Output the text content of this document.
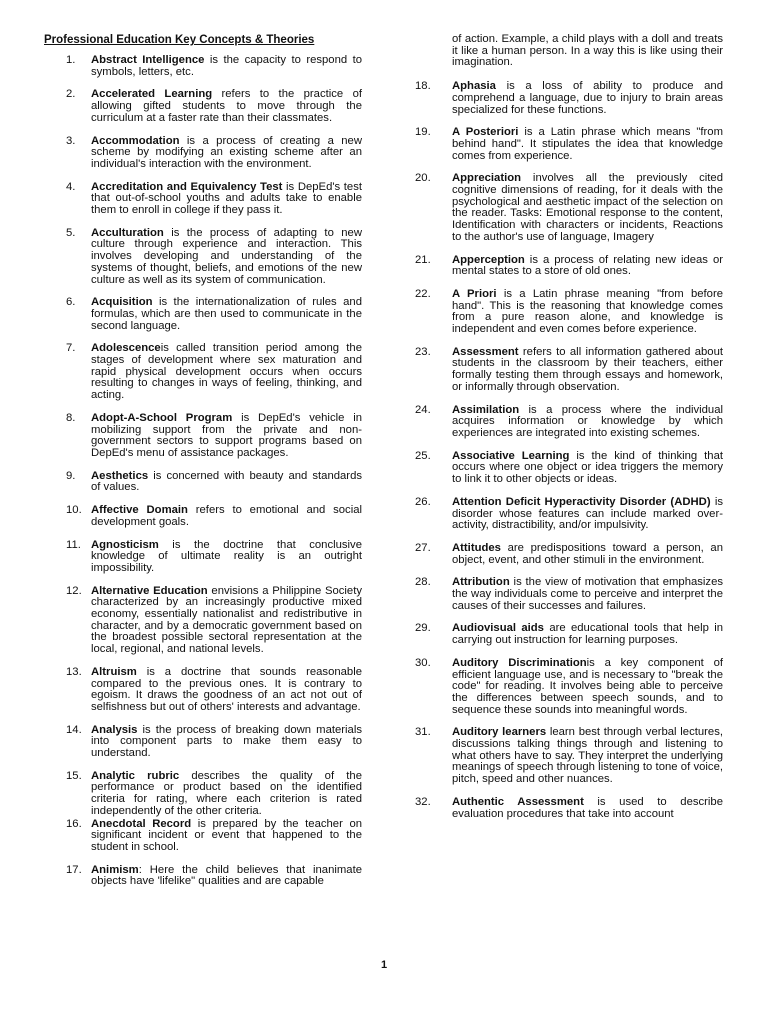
Professional Education Key Concepts & Theories
1. Abstract Intelligence is the capacity to respond to symbols, letters, etc.
2. Accelerated Learning refers to the practice of allowing gifted students to move through the curriculum at a faster rate than their classmates.
3. Accommodation is a process of creating a new scheme by modifying an existing scheme after an individual's interaction with the environment.
4. Accreditation and Equivalency Test is DepEd's test that out-of-school youths and adults take to enable them to enroll in college if they pass it.
5. Acculturation is the process of adapting to new culture through experience and interaction. This involves developing and understanding of the systems of thought, beliefs, and emotions of the new culture as well as its system of communication.
6. Acquisition is the internationalization of rules and formulas, which are then used to communicate in the second language.
7. Adolescenceis called transition period among the stages of development where sex maturation and rapid physical development occurs when occurs resulting to changes in ways of feeling, thinking, and acting.
8. Adopt-A-School Program is DepEd's vehicle in mobilizing support from the private and non-government sectors to support programs based on DepEd's menu of assistance packages.
9. Aesthetics is concerned with beauty and standards of values.
10. Affective Domain refers to emotional and social development goals.
11. Agnosticism is the doctrine that conclusive knowledge of ultimate reality is an outright impossibility.
12. Alternative Education envisions a Philippine Society characterized by an increasingly productive mixed economy, essentially nationalist and redistributive in character, and by a democratic government based on the broadest possible sectoral representation at the local, regional, and national levels.
13. Altruism is a doctrine that sounds reasonable compared to the previous ones. It is contrary to egoism. It draws the goodness of an act not out of selfishness but out of others' interests and advantage.
14. Analysis is the process of breaking down materials into component parts to make them easy to understand.
15. Analytic rubric describes the quality of the performance or product based on the identified criteria for rating, where each criterion is rated independently of the other criteria.
16. Anecdotal Record is prepared by the teacher on significant incident or event that happened to the student in school.
17. Animism: Here the child believes that inanimate objects have 'lifelike" qualities and are capable
of action. Example, a child plays with a doll and treats it like a human person. In a way this is like using their imagination.
18. Aphasia is a loss of ability to produce and comprehend a language, due to injury to brain areas specialized for these functions.
19. A Posteriori is a Latin phrase which means "from behind hand". It stipulates the idea that knowledge comes from experience.
20. Appreciation involves all the previously cited cognitive dimensions of reading, for it deals with the psychological and aesthetic impact of the selection on the reader. Tasks: Emotional response to the content, Identification with characters or incidents, Reactions to the author's use of language, Imagery
21. Apperception is a process of relating new ideas or mental states to a store of old ones.
22. A Priori is a Latin phrase meaning "from before hand". This is the reasoning that knowledge comes from a pure reason alone, and knowledge is independent and even comes before experience.
23. Assessment refers to all information gathered about students in the classroom by their teachers, either formally testing them through essays and homework, or informally through observation.
24. Assimilation is a process where the individual acquires information or knowledge by which experiences are integrated into existing schemes.
25. Associative Learning is the kind of thinking that occurs where one object or idea triggers the memory to link it to other objects or ideas.
26. Attention Deficit Hyperactivity Disorder (ADHD) is disorder whose features can include marked over-activity, distractibility, and/or impulsivity.
27. Attitudes are predispositions toward a person, an object, event, and other stimuli in the environment.
28. Attribution is the view of motivation that emphasizes the way individuals come to perceive and interpret the causes of their successes and failures.
29. Audiovisual aids are educational tools that help in carrying out instruction for learning purposes.
30. Auditory Discriminationis a key component of efficient language use, and is necessary to "break the code" for reading. It involves being able to perceive the differences between speech sounds, and to sequence these sounds into meaningful words.
31. Auditory learners learn best through verbal lectures, discussions talking things through and listening to what others have to say. They interpret the underlying meanings of speech through listening to tone of voice, pitch, speed and other nuances.
32. Authentic Assessment is used to describe evaluation procedures that take into account
1
